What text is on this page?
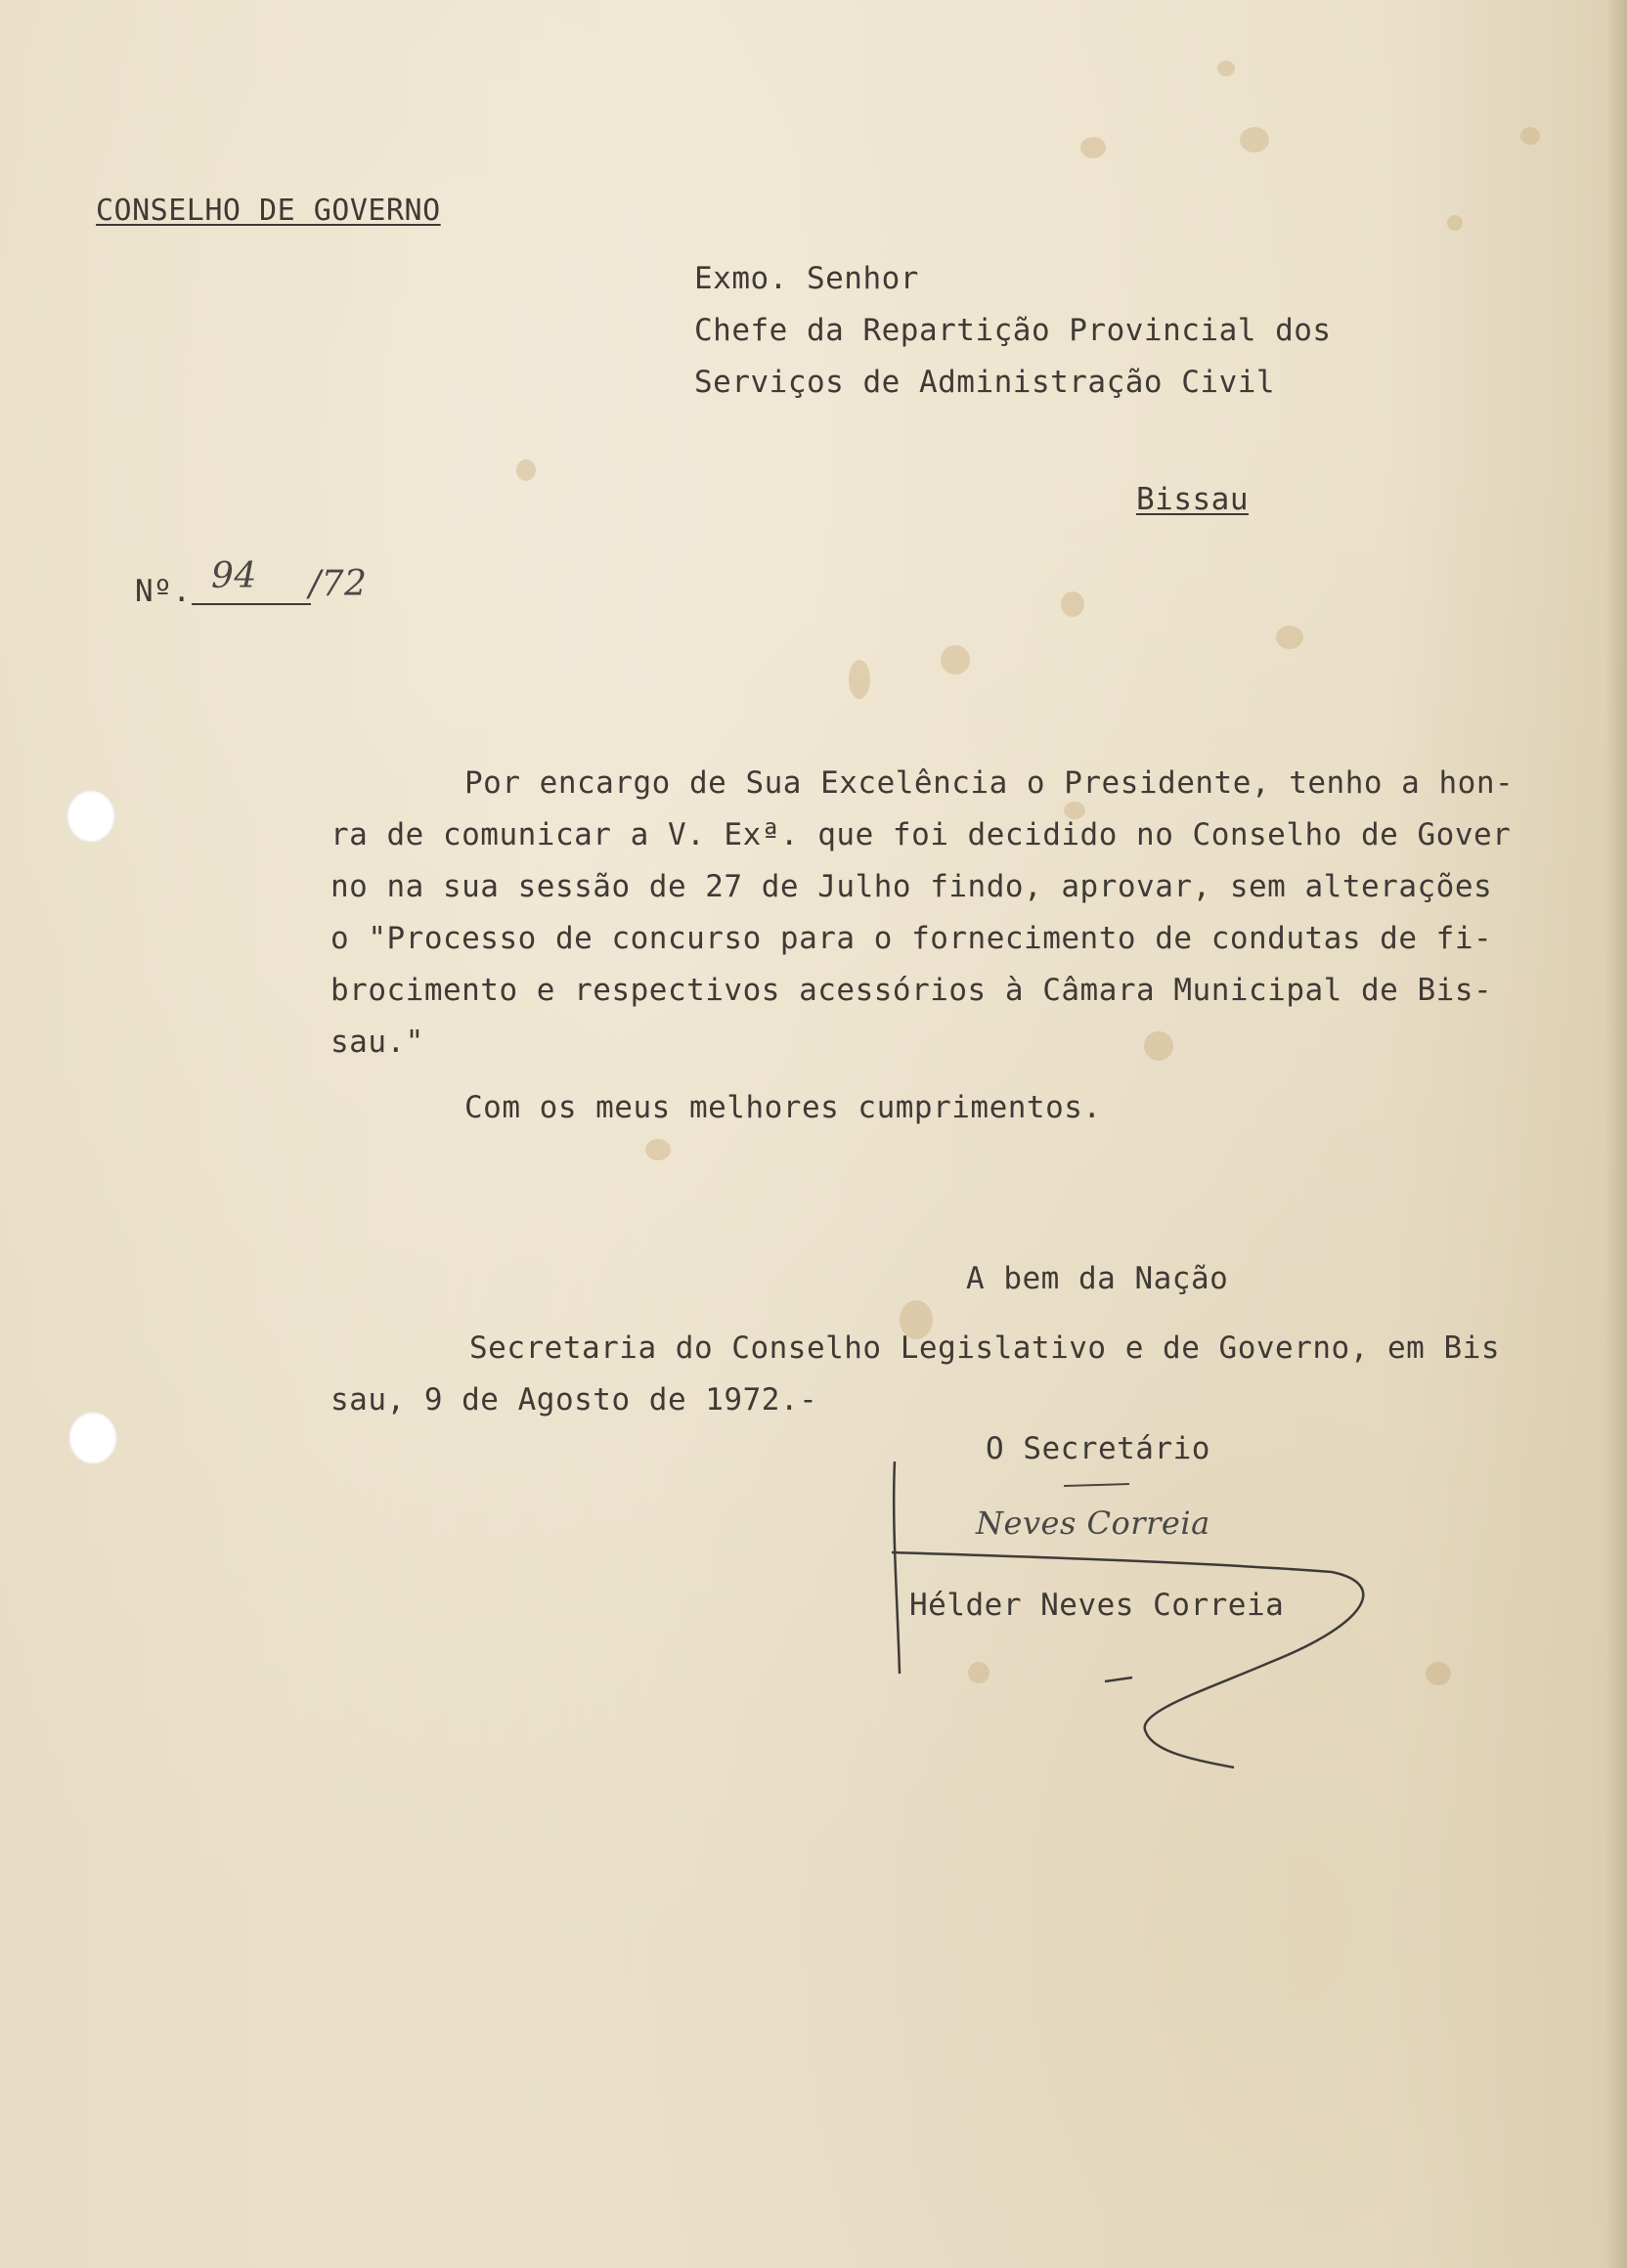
CONSELHO DE GOVERNO
Exmo. Senhor
Chefe da Repartição Provincial dos
Serviços de Administração Civil
Bissau
Nº. 94 /72
Por encargo de Sua Excelência o Presidente, tenho a hon-
ra de comunicar a V. Exª. que foi decidido no Conselho de Gover
no na sua sessão de 27 de Julho findo, aprovar, sem alterações
o "Processo de concurso para o fornecimento de condutas de fi-
brocimento e respectivos acessórios à Câmara Municipal de Bis-
sau."
Com os meus melhores cumprimentos.
A bem da Nação
Secretaria do Conselho Legislativo e de Governo, em Bis
sau, 9 de Agosto de 1972.-
O Secretário
Neves Correia
Hélder Neves Correia
